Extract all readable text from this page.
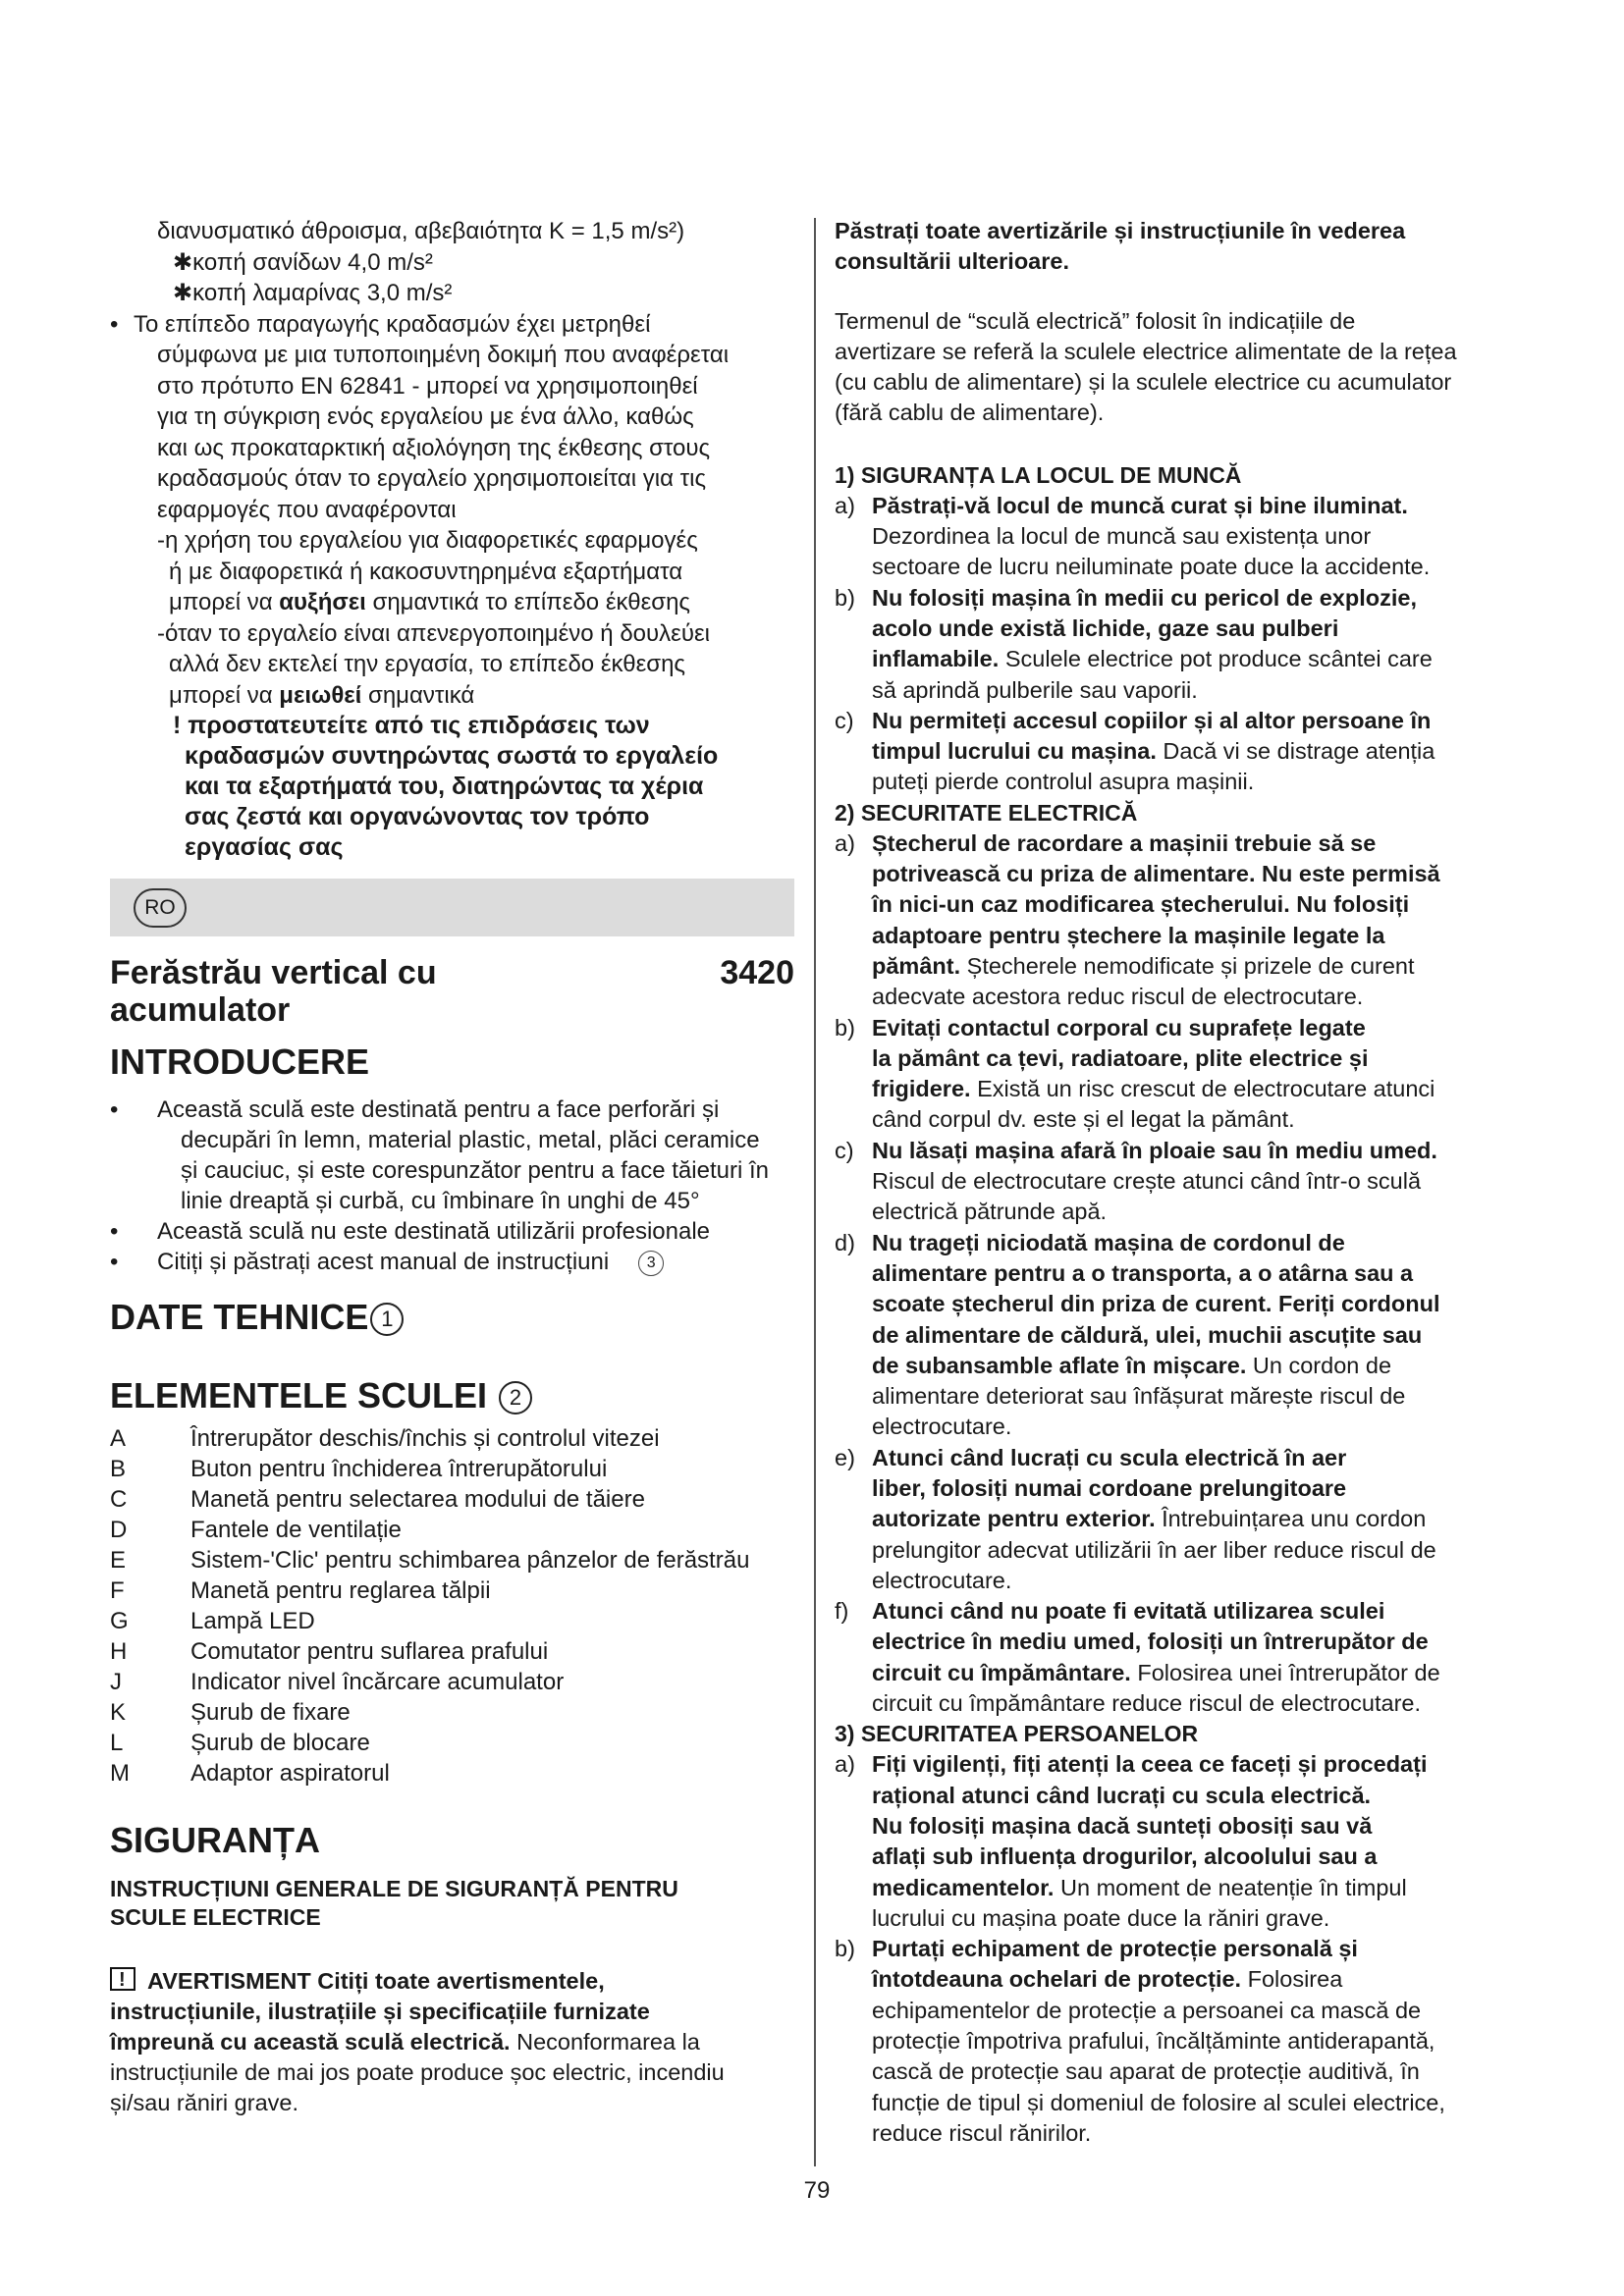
διανυσματικό άθροισμα, αβεβαιότητα K = 1,5 m/s²)

✱κοπή σανίδων 4,0 m/s²

✱κοπή λαμαρίνας 3,0 m/s²

• Το επίπεδο παραγωγής κραδασμών έχει μετρηθεί

σύμφωνα με μια τυποποιημένη δοκιμή που αναφέρεται

στο πρότυπο EN 62841 - μπορεί να χρησιμοποιηθεί

για τη σύγκριση ενός εργαλείου με ένα άλλο, καθώς

και ως προκαταρκτική αξιολόγηση της έκθεσης στους

κραδασμούς όταν το εργαλείο χρησιμοποιείται για τις

εφαρμογές που αναφέρονται

-η χρήση του εργαλείου για διαφορετικές εφαρμογές

ή με διαφορετικά ή κακοσυντηρημένα εξαρτήματα

μπορεί να αυξήσει σημαντικά το επίπεδο έκθεσης

-όταν το εργαλείο είναι απενεργοποιημένο ή δουλεύει

αλλά δεν εκτελεί την εργασία, το επίπεδο έκθεσης

μπορεί να μειωθεί σημαντικά

! προστατευτείτε από τις επιδράσεις των

κραδασμών συντηρώντας σωστά το εργαλείο

και τα εξαρτήματά του, διατηρώντας τα χέρια

σας ζεστά και οργανώνοντας τον τρόπο

εργασίας σας

RO
Ferăstrău vertical cu
acumulator
3420
INTRODUCERE
• Această sculă este destinată pentru a face perforări și

decupări în lemn, material plastic, metal, plăci ceramice

și cauciuc, și este corespunzător pentru a face tăieturi în

linie dreaptă și curbă, cu îmbinare în unghi de 45°

• Această sculă nu este destinată utilizării profesionale

• Citiți și păstrați acest manual de instrucțiuni 3

DATE TEHNICE 1
ELEMENTELE SCULEI 2
A	Întrerupător deschis/închis și controlul vitezei
B	Buton pentru închiderea întrerupătorului
C	Manetă pentru selectarea modului de tăiere
D	Fantele de ventilație
E	Sistem-'Clic' pentru schimbarea pânzelor de ferăstrău
F	Manetă pentru reglarea tălpii
G	Lampă LED
H	Comutator pentru suflarea prafului
J	Indicator nivel încărcare acumulator
K	Șurub de fixare
L	Șurub de blocare
M	Adaptor aspiratorul
SIGURANȚA

INSTRUCȚIUNI GENERALE DE SIGURANȚĂ PENTRU

SCULE ELECTRICE

!AVERTISMENT Citiți toate avertismentele,

instrucțiunile, ilustrațiile și specificațiile furnizate

împreună cu această sculă electrică. Neconformarea la

instrucțiunile de mai jos poate produce șoc electric, incendiu

și/sau răniri grave.

Păstrați toate avertizările și instrucțiunile în vederea

consultării ulterioare.

Termenul de “sculă electrică” folosit în indicațiile de

avertizare se referă la sculele electrice alimentate de la rețea

(cu cablu de alimentare) și la sculele electrice cu acumulator

(fără cablu de alimentare).

1) SIGURANȚA LA LOCUL DE MUNCĂ

a) Păstrați-vă locul de muncă curat și bine iluminat.

Dezordinea la locul de muncă sau existența unor

sectoare de lucru neiluminate poate duce la accidente.

b) Nu folosiți mașina în medii cu pericol de explozie,

acolo unde există lichide, gaze sau pulberi

inflamabile. Sculele electrice pot produce scântei care

să aprindă pulberile sau vaporii.

c) Nu permiteți accesul copiilor și al altor persoane în

timpul lucrului cu mașina. Dacă vi se distrage atenția

puteți pierde controlul asupra mașinii.

2) SECURITATE ELECTRICĂ

a) Ștecherul de racordare a mașinii trebuie să se

potrivească cu priza de alimentare. Nu este permisă

în nici-un caz modificarea ștecherului. Nu folosiți

adaptoare pentru ștechere la mașinile legate la

pământ. Ștecherele nemodificate și prizele de curent

adecvate acestora reduc riscul de electrocutare.

b) Evitați contactul corporal cu suprafețe legate

la pământ ca țevi, radiatoare, plite electrice și

frigidere. Există un risc crescut de electrocutare atunci

când corpul dv. este și el legat la pământ.

c) Nu lăsați mașina afară în ploaie sau în mediu umed.

Riscul de electrocutare crește atunci când într-o sculă

electrică pătrunde apă.

d) Nu trageți niciodată mașina de cordonul de

alimentare pentru a o transporta, a o atârna sau a

scoate ștecherul din priza de curent. Feriți cordonul

de alimentare de căldură, ulei, muchii ascuțite sau

de subansamble aflate în mișcare. Un cordon de

alimentare deteriorat sau înfășurat mărește riscul de

electrocutare.

e) Atunci când lucrați cu scula electrică în aer

liber, folosiți numai cordoane prelungitoare

autorizate pentru exterior. Întrebuințarea unu cordon

prelungitor adecvat utilizării în aer liber reduce riscul de

electrocutare.

f) Atunci când nu poate fi evitată utilizarea sculei

electrice în mediu umed, folosiți un întrerupător de

circuit cu împământare. Folosirea unei întrerupător de

circuit cu împământare reduce riscul de electrocutare.

3) SECURITATEA PERSOANELOR

a) Fiți vigilenți, fiți atenți la ceea ce faceți și procedați

rațional atunci când lucrați cu scula electrică.

Nu folosiți mașina dacă sunteți obosiți sau vă

aflați sub influența drogurilor, alcoolului sau a

medicamentelor. Un moment de neatenție în timpul

lucrului cu mașina poate duce la răniri grave.

b) Purtați echipament de protecție personală și

întotdeauna ochelari de protecție. Folosirea

echipamentelor de protecție a persoanei ca mască de

protecție împotriva prafului, încălțăminte antiderapantă,

cască de protecție sau aparat de protecție auditivă, în

funcție de tipul și domeniul de folosire al sculei electrice,

reduce riscul rănirilor.

79
